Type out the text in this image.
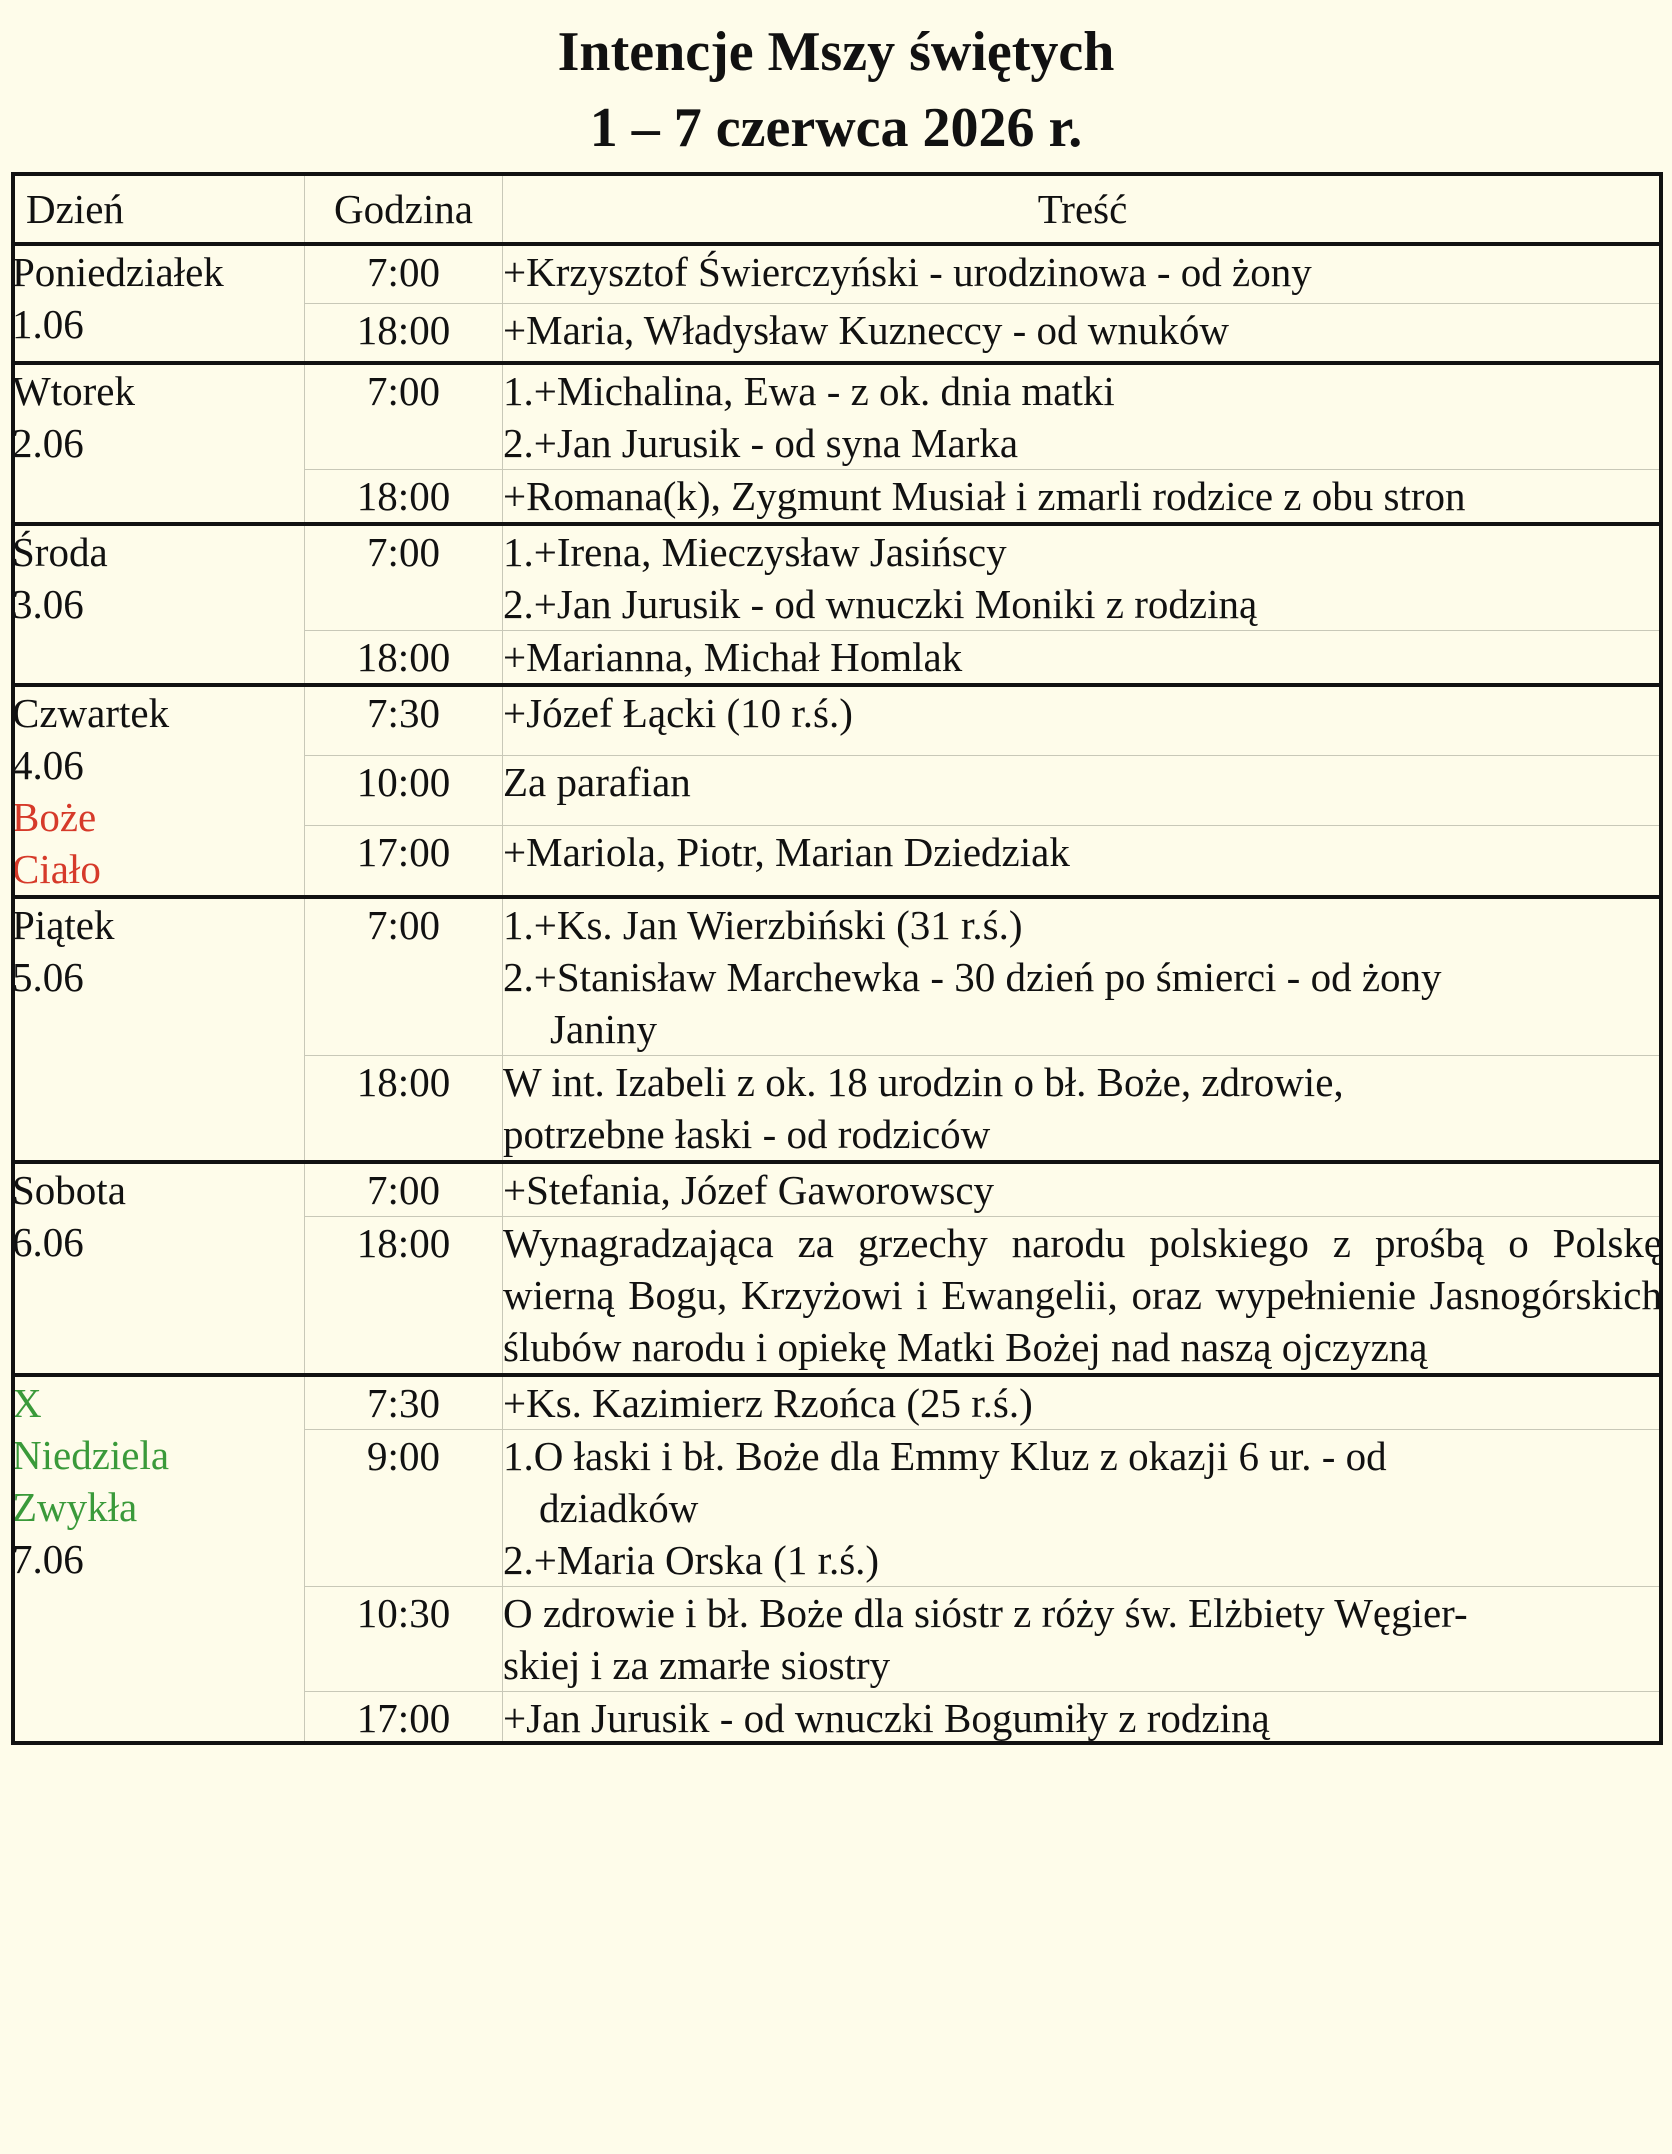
Intencje Mszy świętych
1 – 7 czerwca 2026 r.
Dzień	Godzina	Treść

Poniedziałek
1.06	7:00	+Krzysztof Świerczyński - urodzinowa - od żony

	18:00	+Maria, Władysław Kuzneccy - od wnuków

Wtorek
2.06	7:00	1.+Michalina, Ewa - z ok. dnia matki
2.+Jan Jurusik - od syna Marka

	18:00	+Romana(k), Zygmunt Musiał i zmarli rodzice z obu stron

Środa
3.06	7:00	1.+Irena, Mieczysław Jasińscy
2.+Jan Jurusik - od wnuczki Moniki z rodziną

	18:00	+Marianna, Michał Homlak

Czwartek
4.06
Boże
Ciało	7:30	+Józef Łącki (10 r.ś.)

	10:00	Za parafian

	17:00	+Mariola, Piotr, Marian Dziedziak

Piątek
5.06	7:00	1.+Ks. Jan Wierzbiński (31 r.ś.)
2.+Stanisław Marchewka - 30 dzień po śmierci - od żony
Janiny

	18:00	W int. Izabeli z ok. 18 urodzin o bł. Boże, zdrowie,
potrzebne łaski - od rodziców

Sobota
6.06	7:00	+Stefania, Józef Gaworowscy

	18:00	Wynagradzająca za grzechy narodu polskiego z prośbą o Polskę wierną Bogu, Krzyżowi i Ewangelii, oraz wypełnienie Jasnogórskich ślubów narodu i opiekę Matki Bożej nad naszą ojczyzną

X
Niedziela
Zwykła
7.06	7:30	+Ks. Kazimierz Rzońca (25 r.ś.)

	9:00	1.O łaski i bł. Boże dla Emmy Kluz z okazji 6 ur. - od
dziadków
2.+Maria Orska (1 r.ś.)

	10:30	O zdrowie i bł. Boże dla sióstr z róży św. Elżbiety Węgier-
skiej i za zmarłe siostry

	17:00	+Jan Jurusik - od wnuczki Bogumiły z rodziną
